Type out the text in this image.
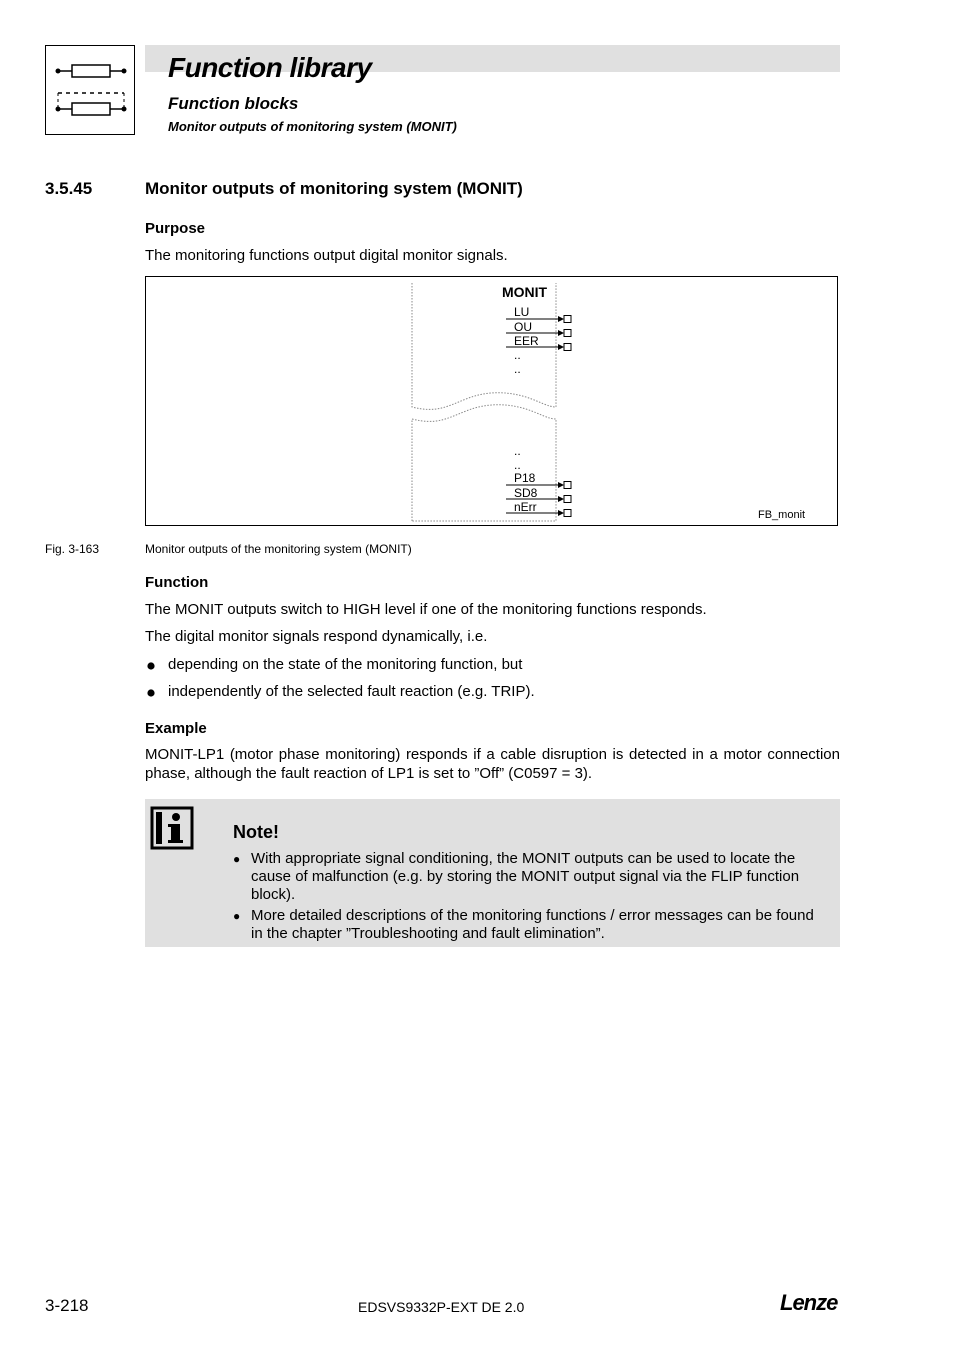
Function library
Function blocks
Monitor outputs of monitoring system (MONIT)
3.5.45	Monitor outputs of monitoring system (MONIT)
Purpose
The monitoring functions output digital monitor signals.
MONIT
LU
OU
EER
..
..
..
..
P18
SD8
nErr
FB_monit
Fig. 3-163	Monitor outputs of the monitoring system (MONIT)
Function
The MONIT outputs switch to HIGH level if one of the monitoring functions responds.
The digital monitor signals respond dynamically, i.e.
depending on the state of the monitoring function, but
independently of the selected fault reaction (e.g. TRIP).
Example
MONIT-LP1 (motor phase monitoring) responds if a cable disruption is detected in a motor connection phase, although the fault reaction of LP1 is set to ”Off” (C0597 = 3).
Note!
● With appropriate signal conditioning, the MONIT outputs can be used to locate the cause of malfunction (e.g. by storing the MONIT output signal via the FLIP function block).
● More detailed descriptions of the monitoring functions / error messages can be found in the chapter ”Troubleshooting and fault elimination”.
3-218	EDSVS9332P-EXT DE 2.0	Lenze
